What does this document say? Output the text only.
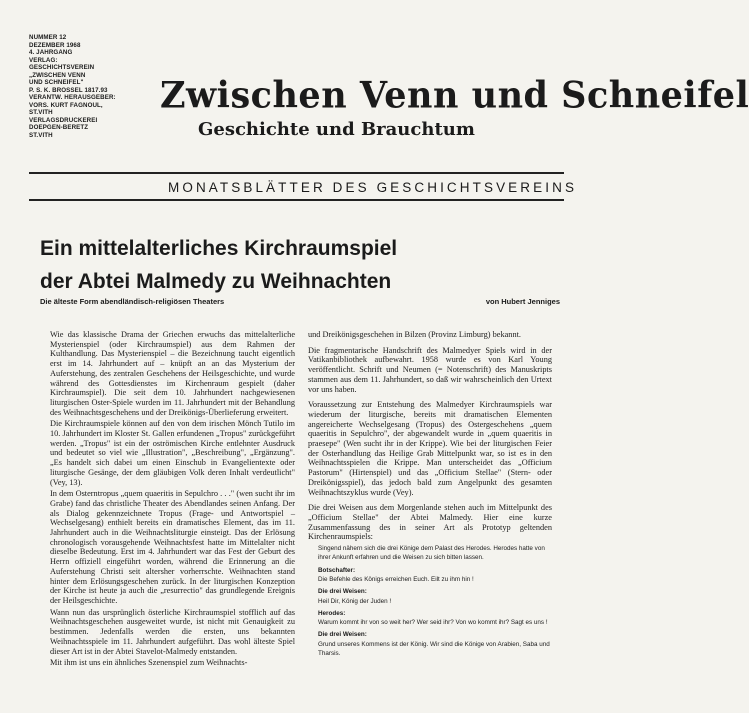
NUMMER 12
DEZEMBER 1968
4. JAHRGANG
VERLAG:
GESCHICHTSVEREIN
„ZWISCHEN VENN
UND SCHNEIFEL"
P. S. K. BROSSEL 1817.93
VERANTW. HERAUSGEBER:
VORS. KURT FAGNOUL,
ST.VITH
VERLAGSDRUCKEREI
DOEPGEN-BERETZ
ST.VITH
Zwischen Venn und Schneifel
Geschichte und Brauchtum
MONATSBLÄTTER DES GESCHICHTSVEREINS
Ein mittelalterliches Kirchraumspiel
der Abtei Malmedy zu Weihnachten
Die älteste Form abendländisch-religiösen Theaters	von Hubert Jenniges

Wie das klassische Drama der Griechen erwuchs das mittelalterliche Mysterienspiel (oder Kirchraumspiel) aus dem Rahmen der Kulthandlung. Das Mysterienspiel – die Bezeichnung taucht eigentlich erst im 14. Jahrhundert auf – knüpft an an das Mysterium der Auferstehung, des zentralen Geschehens der Heilsgeschichte, und wurde während des Gottesdienstes im Kirchenraum gespielt (daher Kirchraumspiel). Die seit dem 10. Jahrhundert nachgewiesenen liturgischen Oster-Spiele wurden im 11. Jahrhundert mit der Behandlung des Weihnachtsgeschehens und der Dreikönigs-Überlieferung erweitert.

Die Kirchraumspiele können auf den von dem irischen Mönch Tutilo im 10. Jahrhundert im Kloster St. Gallen erfundenen „Tropus" zurückgeführt werden. „Tropus" ist ein der oströmischen Kirche entlehnter Ausdruck und bedeutet so viel wie „Illustration", „Beschreibung", „Ergänzung". „Es handelt sich dabei um einen Einschub in Evangelientexte oder liturgische Gesänge, der dem gläubigen Volk deren Inhalt verdeutlicht" (Vey, 13).

In dem Osterntropus „quem quaeritis in Sepulchro . . ." (wen sucht ihr im Grabe) fand das christliche Theater des Abendlandes seinen Anfang. Der als Dialog gekennzeichnete Tropus (Frage- und Antwortspiel – Wechselgesang) enthielt bereits ein dramatisches Element, das im 11. Jahrhundert auch in die Weihnachtsliturgie einsteigt. Das der Erlösung chronologisch vorausgehende Weihnachtsfest hatte im Mittelalter nicht dieselbe Bedeutung. Erst im 4. Jahrhundert war das Fest der Geburt des Herrn offiziell eingeführt worden, während die Erinnerung an die Auferstehung Christi seit altersher vorherrschte. Weihnachten stand hinter dem Erlösungsgeschehen zurück. In der liturgischen Konzeption der Kirche ist heute ja auch die „resurrectio" das grundlegende Ereignis der Heilsgeschichte.

Wann nun das ursprünglich österliche Kirchraumspiel stofflich auf das Weihnachtsgeschehen ausgeweitet wurde, ist nicht mit Genauigkeit zu bestimmen. Jedenfalls werden die ersten, uns bekannten Weihnachtsspiele im 11. Jahrhundert aufgeführt. Das wohl älteste Spiel dieser Art ist in der Abtei Stavelot-Malmedy entstanden.

Mit ihm ist uns ein ähnliches Szenenspiel zum Weihnachts-

und Dreikönigsgeschehen in Bilzen (Provinz Limburg) bekannt.

Die fragmentarische Handschrift des Malmedyer Spiels wird in der Vatikanbibliothek aufbewahrt. 1958 wurde es von Karl Young veröffentlicht. Schrift und Neumen (= Notenschrift) des Manuskripts stammen aus dem 11. Jahrhundert, so daß wir wahrscheinlich den Urtext vor uns haben.

Voraussetzung zur Entstehung des Malmedyer Kirchraumspiels war wiederum der liturgische, bereits mit dramatischen Elementen angereicherte Wechselgesang (Tropus) des Ostergeschehens „quem quaeritis in Sepulchro", der abgewandelt wurde in „quem quaeritis in praesepe" (Wen sucht ihr in der Krippe). Wie bei der liturgischen Feier der Osterhandlung das Heilige Grab Mittelpunkt war, so ist es in den Weihnachtsspielen die Krippe. Man unterscheidet das „Officium Pastorum" (Hirtenspiel) und das „Officium Stellae" (Stern- oder Dreikönigsspiel), das jedoch bald zum Angelpunkt des gesamten Weihnachtszyklus wurde (Vey).

Die drei Weisen aus dem Morgenlande stehen auch im Mittelpunkt des „Officium Stellae" der Abtei Malmedy. Hier eine kurze Zusammenfassung des in seiner Art als Prototyp geltenden Kirchenraumspiels:

Singend nähern sich die drei Könige dem Palast des Herodes. Herodes hatte von ihrer Ankunft erfahren und die Weisen zu sich bitten lassen.
Botschafter:
Die Befehle des Königs erreichen Euch. Eilt zu ihm hin !
Die drei Weisen:
Heil Dir, König der Juden !
Herodes:
Warum kommt ihr von so weit her? Wer seid ihr? Von wo kommt ihr? Sagt es uns !
Die drei Weisen:
Grund unseres Kommens ist der König. Wir sind die Könige von Arabien, Saba und Tharsis.
